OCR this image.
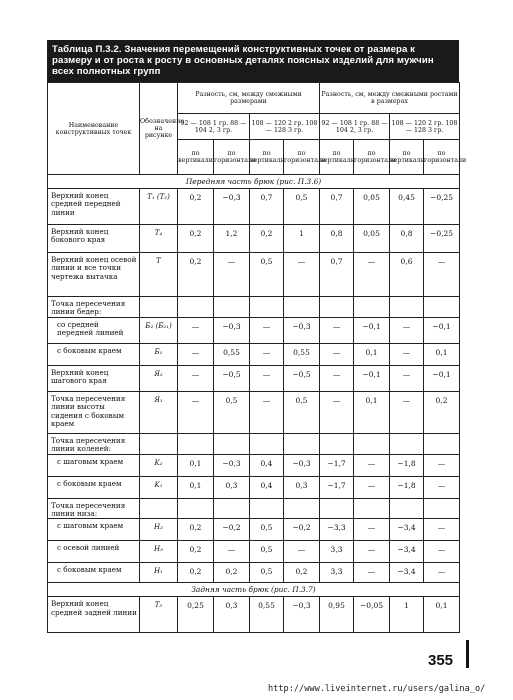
Таблица П.3.2. Значения перемещений конструктивных точек от размера к размеру и от роста к росту в основных деталях поясных изделий для мужчин всех полнотных групп
Наименование конструктивных точек	Обозначение на рисунке	Разность, см, между смежными размерами				Разность, см, между смежными ростами в размерах			
		92 — 108 1 гр. 88 — 104 2, 3 гр.		108 — 120 2 гр. 108 — 128 3 гр.		92 — 108 1 гр. 88 — 104 2, 3 гр.		108 — 120 2 гр. 108 — 128 3 гр.	
		по вертикали	по горизонтали	по вертикали	по горизонтали	по вертикали	по горизонтали	по вертикали	по горизонтали
Передняя часть брюк (рис. П.3.6)									
Верхний конец средней передней линии	T₁ (T₂)	0,2	−0,3	0,7	0,5	0,7	0,05	0,45	−0,25
Верхний конец бокового края	T₄	0,2	1,2	0,2	1	0,8	0,05	0,8	−0,25
Верхний конец осевой линии и все точки чертежа вытачка	T	0,2	—	0,5	—	0,7	—	0,6	—
Точка пересечения линии бедер:									
со средней передней линией	Б₂ (Б₂₁)	—	−0,3	—	−0,3	—	−0,1	—	−0,1
с боковым краем	Б₁	—	0,55	—	0,55	—	0,1	—	0,1
Верхний конец шагового края	Я₂	—	−0,5	—	−0,5	—	−0,1	—	−0,1
Точка пересечения линии высоты сидения с боковым краем	Я₁	—	0,5	—	0,5	—	0,1	—	0,2
Точка пересечения линии коленей:									
с шаговым краем	K₂	0,1	−0,3	0,4	−0,3	−1,7	—	−1,8	—
с боковым краем	K₁	0,1	0,3	0,4	0,3	−1,7	—	−1,8	—
Точка пересечения линии низа:									
с шаговым краем	H₂	0,2	−0,2	0,5	−0,2	−3,3	—	−3,4	—
с осевой линией	H₅	0,2	—	0,5	—	3,3	—	−3,4	—
с боковым краем	H₁	0,2	0,2	0,5	0,2	3,3	—	−3,4	—
Задняя часть брюк (рис. П.3.7)									
Верхний конец средней задней линии	T₅	0,25	0,3	0,55	−0,3	0,95	−0,05	1	0,1
355
http://www.liveinternet.ru/users/galina_o/
